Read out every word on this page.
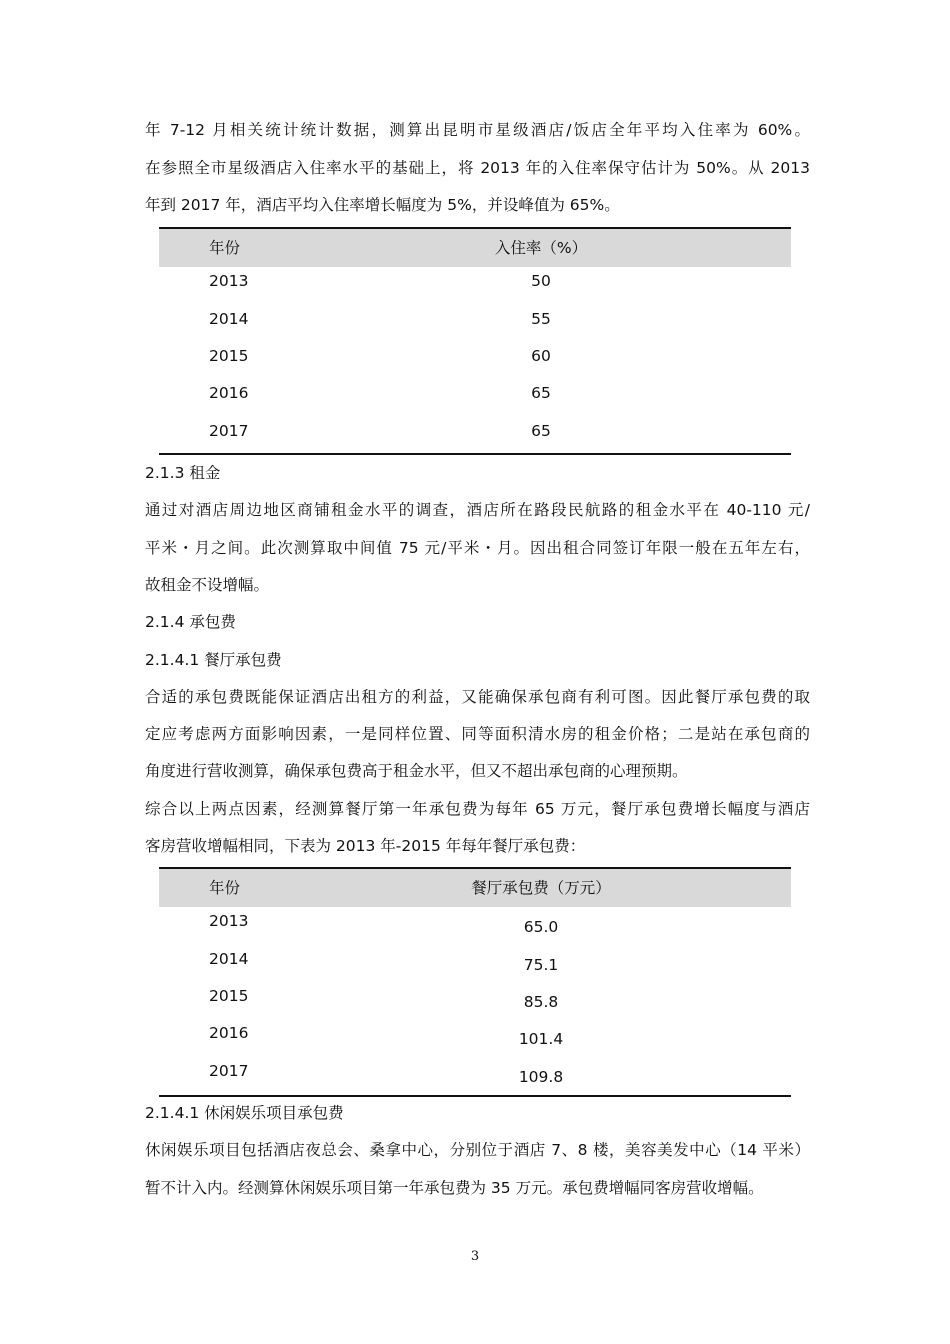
年 7-12 月相关统计统计数据，测算出昆明市星级酒店/饭店全年平均入住率为 60%。
在参照全市星级酒店入住率水平的基础上，将 2013 年的入住率保守估计为 50%。从 2013
年到 2017 年，酒店平均入住率增长幅度为 5%，并设峰值为 65%。
年份	入住率（%）
2013	50
2014	55
2015	60
2016	65
2017	65
2.1.3 租金
通过对酒店周边地区商铺租金水平的调查，酒店所在路段民航路的租金水平在 40-110 元/
平米・月之间。此次测算取中间值 75 元/平米・月。因出租合同签订年限一般在五年左右，
故租金不设增幅。
2.1.4 承包费
2.1.4.1 餐厅承包费
合适的承包费既能保证酒店出租方的利益，又能确保承包商有利可图。因此餐厅承包费的取
定应考虑两方面影响因素，一是同样位置、同等面积清水房的租金价格；二是站在承包商的
角度进行营收测算，确保承包费高于租金水平，但又不超出承包商的心理预期。
综合以上两点因素，经测算餐厅第一年承包费为每年 65 万元，餐厅承包费增长幅度与酒店
客房营收增幅相同，下表为 2013 年-2015 年每年餐厅承包费：
年份	餐厅承包费（万元）
2013	65.0
2014	75.1
2015	85.8
2016	101.4
2017	109.8
2.1.4.1 休闲娱乐项目承包费
休闲娱乐项目包括酒店夜总会、桑拿中心，分别位于酒店 7、8 楼，美容美发中心（14 平米）
暂不计入内。经测算休闲娱乐项目第一年承包费为 35 万元。承包费增幅同客房营收增幅。
3
